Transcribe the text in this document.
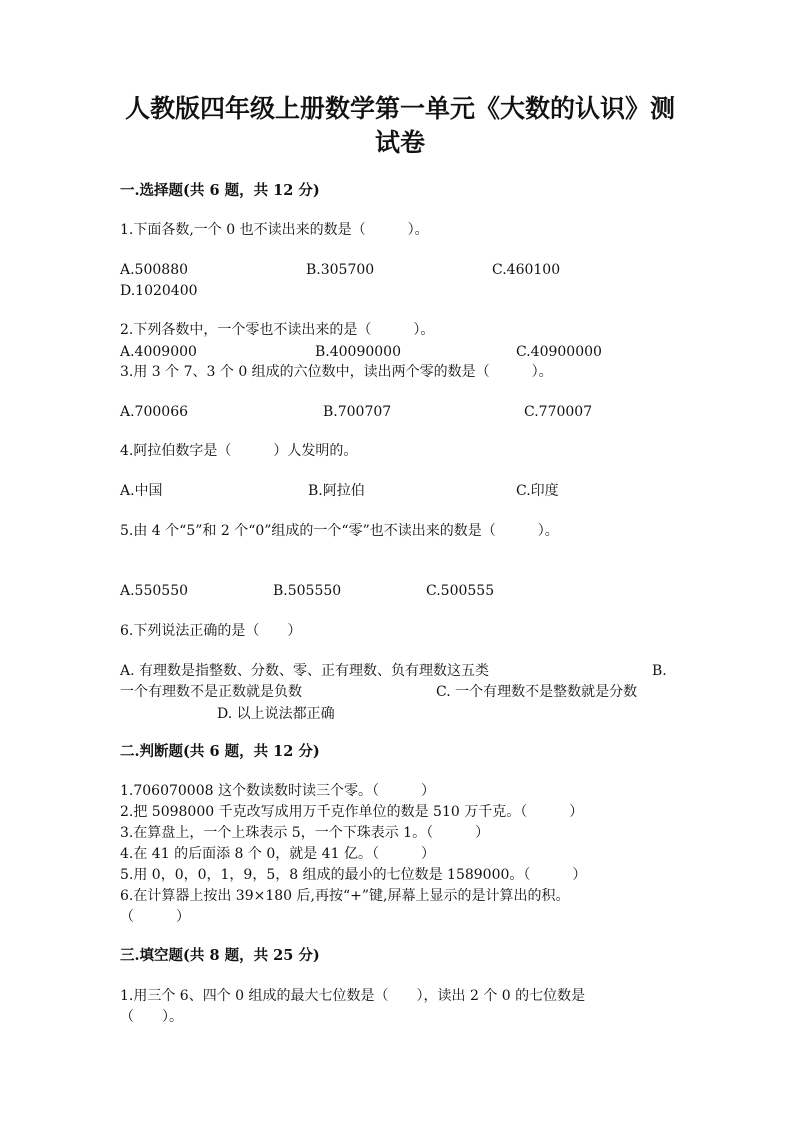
人教版四年级上册数学第一单元《大数的认识》测
试卷
一.选择题(共 6 题，共 12 分)
1.下面各数,一个 0 也不读出来的数是（　　　）。
A.500880	B.305700	C.460100
D.1020400
2.下列各数中，一个零也不读出来的是（　　　）。
A.4009000	B.40090000	C.40900000
3.用 3 个 7、3 个 0 组成的六位数中，读出两个零的数是（　　　）。
A.700066	B.700707	C.770007
4.阿拉伯数字是（　　　）人发明的。
A.中国	B.阿拉伯	C.印度
5.由 4 个“5”和 2 个“0”组成的一个“零”也不读出来的数是（　　　）。
A.550550	B.505550	C.500555
6.下列说法正确的是（　　）
A. 有理数是指整数、分数、零、正有理数、负有理数这五类	B.
一个有理数不是正数就是负数	C. 一个有理数不是整数就是分数
D. 以上说法都正确
二.判断题(共 6 题，共 12 分)
1.706070008 这个数读数时读三个零。（　　　）
2.把 5098000 千克改写成用万千克作单位的数是 510 万千克。（　　　）
3.在算盘上，一个上珠表示 5，一个下珠表示 1。（　　　）
4.在 41 的后面添 8 个 0，就是 41 亿。（　　　）
5.用 0，0，0，1，9，5，8 组成的最小的七位数是 1589000。（　　　）
6.在计算器上按出 39×180 后,再按“+”键,屏幕上显示的是计算出的积。
（　　　）
三.填空题(共 8 题，共 25 分)
1.用三个 6、四个 0 组成的最大七位数是（　　），读出 2 个 0 的七位数是
（　　）。
